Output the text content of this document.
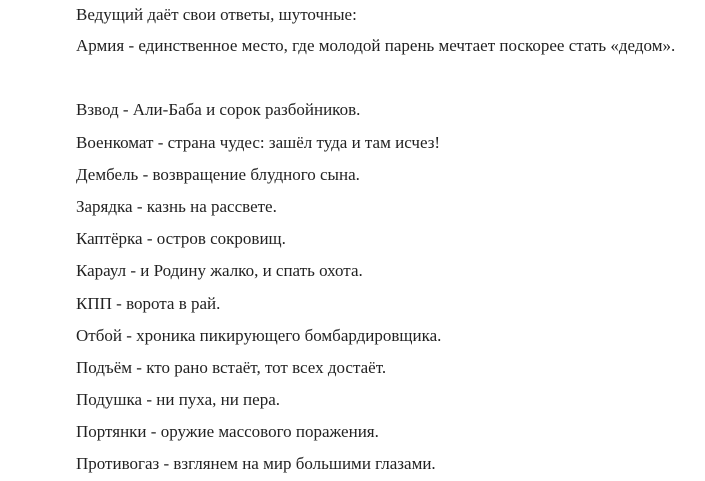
Ведущий даёт свои ответы, шуточные:
Армия - единственное место, где молодой парень мечтает поскорее стать «дедом».
Взвод - Али-Баба и сорок разбойников.
Военкомат - страна чудес: зашёл туда и там исчез!
Дембель - возвращение блудного сына.
Зарядка - казнь на рассвете.
Каптёрка - остров сокровищ.
Караул - и Родину жалко, и спать охота.
КПП - ворота в рай.
Отбой - хроника пикирующего бомбардировщика.
Подъём - кто рано встаёт, тот всех достаёт.
Подушка - ни пуха, ни пера.
Портянки - оружие массового поражения.
Противогаз - взглянем на мир большими глазами.
